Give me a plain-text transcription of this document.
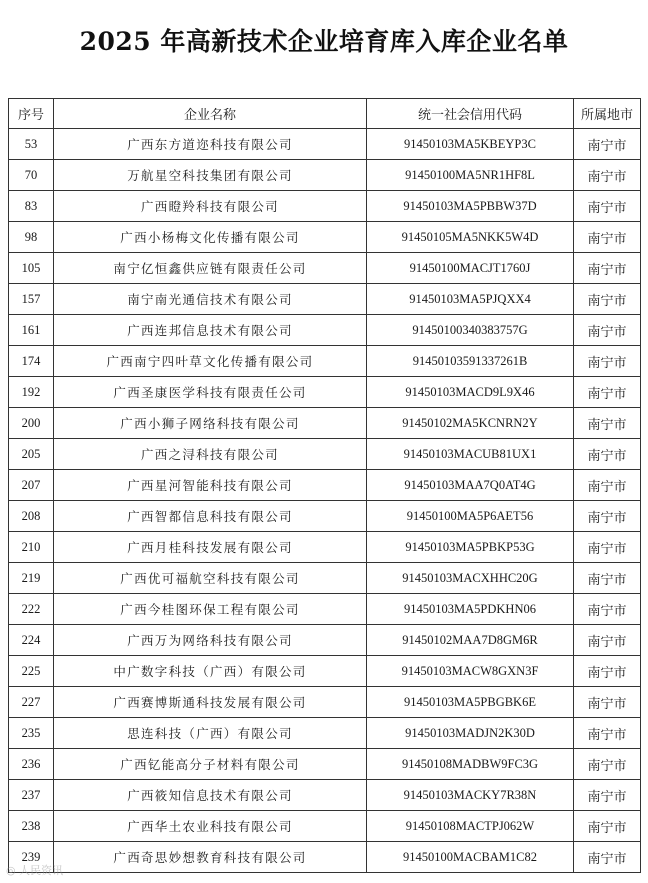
2025 年高新技术企业培育库入库企业名单
序号	企业名称	统一社会信用代码	所属地市
53	广西东方道迩科技有限公司	91450103MA5KBEYP3C	南宁市
70	万航星空科技集团有限公司	91450100MA5NR1HF8L	南宁市
83	广西瞪羚科技有限公司	91450103MA5PBBW37D	南宁市
98	广西小杨梅文化传播有限公司	91450105MA5NKK5W4D	南宁市
105	南宁亿恒鑫供应链有限责任公司	91450100MACJT1760J	南宁市
157	南宁南光通信技术有限公司	91450103MA5PJQXX4	南宁市
161	广西连邦信息技术有限公司	91450100340383757G	南宁市
174	广西南宁四叶草文化传播有限公司	91450103591337261B	南宁市
192	广西圣康医学科技有限责任公司	91450103MACD9L9X46	南宁市
200	广西小狮子网络科技有限公司	91450102MA5KCNRN2Y	南宁市
205	广西之浔科技有限公司	91450103MACUB81UX1	南宁市
207	广西星河智能科技有限公司	91450103MAA7Q0AT4G	南宁市
208	广西智都信息科技有限公司	91450100MA5P6AET56	南宁市
210	广西月桂科技发展有限公司	91450103MA5PBKP53G	南宁市
219	广西优可福航空科技有限公司	91450103MACXHHC20G	南宁市
222	广西今桂图环保工程有限公司	91450103MA5PDKHN06	南宁市
224	广西万为网络科技有限公司	91450102MAA7D8GM6R	南宁市
225	中广数字科技（广西）有限公司	91450103MACW8GXN3F	南宁市
227	广西赛博斯通科技发展有限公司	91450103MA5PBGBK6E	南宁市
235	思连科技（广西）有限公司	91450103MADJN2K30D	南宁市
236	广西钇能高分子材料有限公司	91450108MADBW9FC3G	南宁市
237	广西筱知信息技术有限公司	91450103MACKY7R38N	南宁市
238	广西华土农业科技有限公司	91450108MACTPJ062W	南宁市
239	广西奇思妙想教育科技有限公司	91450100MACBAM1C82	南宁市
◎ 人民资讯
